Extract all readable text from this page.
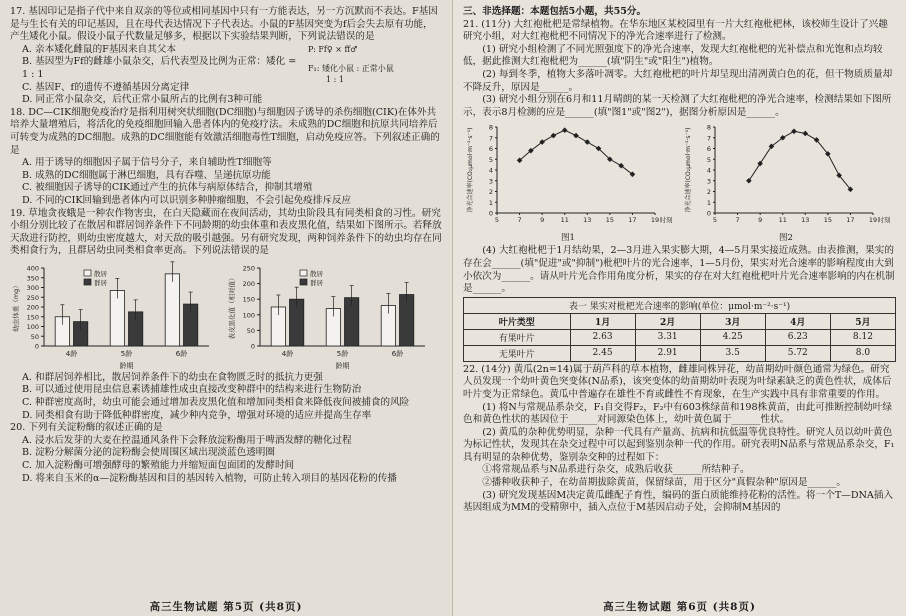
17. 基因印记是指子代中来自双亲的等位或相同基因中只有一方能表达，另一方沉默而不表达。F基因是与生长有关的印记基因，且在母代表达情况下子代表达。小鼠的F基因突变为f后会失去原有功能，产生矮化小鼠。假设小鼠子代数量足够多，根据以下实验结果判断，下列说法错误的是

A. 亲本矮化雌鼠的F基因来自其父本

B. 基因型为Ff的雌雄小鼠杂交，后代表型及比例为正常：矮化 =

1 : 1

C. 基因F、f的遗传不遵循基因分离定律

D. 同正常小鼠杂交，后代正常小鼠所占的比例有3种可能

P: Ff♀ × ff♂
F₁: 矮化小鼠 : 正常小鼠
1 : 1

18. DC—CIK细胞免疫治疗是指利用树突状细胞(DC细胞)与细胞因子诱导的杀伤细胞(CIK)在体外共培养大量增殖后，将活化的免疫细胞回输入患者体内的免疫疗法。未成熟的DC细胞和抗原共同培养后可转变为成熟的DC细胞。成熟的DC细胞能有效激活细胞毒性T细胞，启动免疫应答。下列叙述正确的是

A. 用于诱导的细胞因子属于信号分子，来自辅助性T细胞等

B. 成熟的DC细胞属于淋巴细胞，具有吞噬、呈递抗原功能

C. 被细胞因子诱导的CIK通过产生的抗体与病原体结合，抑制其增殖

D. 不同的CIK回输到患者体内可以识别多种肿瘤细胞，不会引起免疫排斥反应

19. 草地贪夜蛾是一种农作物害虫，在白天隐藏而在夜间活动，其幼虫阶段具有同类相食的习性。研究小组分别比较了在散居和群居饲养条件下不同龄期的幼虫体重和表皮黑化值，结果如下图所示。若释放天敌进行防控，则幼虫密度越大，对天敌的吸引越强。另有研究发现，两种饲养条件下的幼虫均存在同类相食行为，且群居幼虫同类相食率更高。下列说法错误的是

0
50
100
150
200
250
300
350
400
幼虫体重（mg）
4龄	5龄	6龄
散居
群居
龄期
0
50
100
150
200
250
表皮黑化值（相对值）
4龄	5龄	6龄
散居
群居
龄期

A. 和群居饲养相比，散居饲养条件下的幼虫在食物匮乏时的抵抗力更强

B. 可以通过使用昆虫信息素诱捕雄性成虫直接改变种群中的结构来进行生物防治

C. 种群密度高时，幼虫可能会通过增加表皮黑化值和增加同类相食来降低夜间被捕食的风险

D. 同类相食有助于降低种群密度，减少种内竞争，增强对环境的适应并提高生存率

20. 下列有关淀粉酶的叙述正确的是

A. 浸水后发芽的大麦在控温通风条件下会释放淀粉酶用于啤酒发酵的糖化过程

B. 淀粉分解菌分泌的淀粉酶会使周围区域出现淡蓝色透明圈

C. 加入淀粉酶可增强酵母的繁殖能力并缩短面包面团的发酵时间

D. 将来自玉米的α—淀粉酶基因和目的基因转入植物，可防止转入项目的基因花粉的传播

高三生物试题 第5页 (共8页)

三、非选择题：本题包括5小题，共55分。

21. (11分) 大红袍枇杷是常绿植物。在华东地区某校园里有一片大红袍枇杷林，该校师生设计了兴趣研究小组，对大红袍枇杷不同情况下的净光合速率进行了检测。

(1) 研究小组检测了不同光照强度下的净光合速率，发现大红袍枇杷的光补偿点和光饱和点均较低，据此推测大红袍枇杷为______(填"阴生"或"阳生")植物。

(2) 每到冬季，植物大多落叶凋零。大红袍枇杷的叶片却呈现出清冽黄白色的花，但干物质质量却不降反升，原因是______。

(3) 研究小组分别在6月和11月晴朗的某一天检测了大红袍枇杷的净光合速率，检测结果如下图所示，表示8月检测的应是______(填"图1"或"图2")，据图分析原因是______。

0
1
2
3
4
5
6
7
8
5	7	9	11 13 15 17 19 时刻
净光合速率(CO₂μmol·m⁻²·s⁻¹)
图1
0
1
2
3
4
5
6
7
8
5	7	9	11 13 15 17 19 时刻
净光合速率(CO₂μmol·m⁻²·s⁻¹)
图2

(4) 大红袍枇杷于1月结幼果，2—3月进入果实膨大期，4—5月果实接近成熟。由表推测，果实的存在会______(填"促进"或"抑制")枇杷叶片的光合速率，1—5月份，果实对光合速率的影响程度由大到小依次为______。请从叶片光合作用角度分析，果实的存在对大红袍枇杷叶片光合速率影响的内在机制是______。

表一 果实对枇杷光合速率的影响(单位：μmol·m⁻²·s⁻¹)					
叶片类型	1月	2月	3月	4月	5月
有果叶片	2.63	3.31	4.25	6.23	8.12
无果叶片	2.45	2.91	3.5	5.72	8.0

22. (14分) 黄瓜(2n=14)属于葫芦科的草本植物，雌雄同株异花，幼苗期幼叶颜色通常为绿色。研究人员发现一个幼叶黄色突变体(N品系)，该突变体的幼苗期幼叶表现为叶绿素缺乏的黄色性状，成体后叶片变为正常绿色。黄瓜中普遍存在雄性不育或雌性不育现象，在生产实践中具有非常重要的作用。

(1) 将N与常规品系杂交，F₁自交得F₂，F₂中有603株绿苗和198株黄苗，由此可推断控制幼叶绿色和黄色性状的基因位于______对同源染色体上，幼叶黄色属于______性状。

(2) 黄瓜的杂种优势明显，杂种一代具有产量高、抗病和抗低温等优良特性。研究人员以幼叶黄色为标记性状，发现其在杂交过程中可以起到鉴别杂种一代的作用。研究表明N品系与常规品系杂交，F₁具有明显的杂种优势，鉴别杂交种的过程如下：

①将常规品系与N品系进行杂交，成熟后收获______所结种子。

②播种收获种子，在幼苗期拔除黄苗，保留绿苗，用于区分"真假杂种"原因是______。

(3) 研究发现基因M决定黄瓜雌配子育性，编码的蛋白质能维持花粉的活性。将一个T—DNA插入基因组成为MM的受精卵中，插入点位于M基因启动子处，会抑制M基因的

高三生物试题 第6页 (共8页)
